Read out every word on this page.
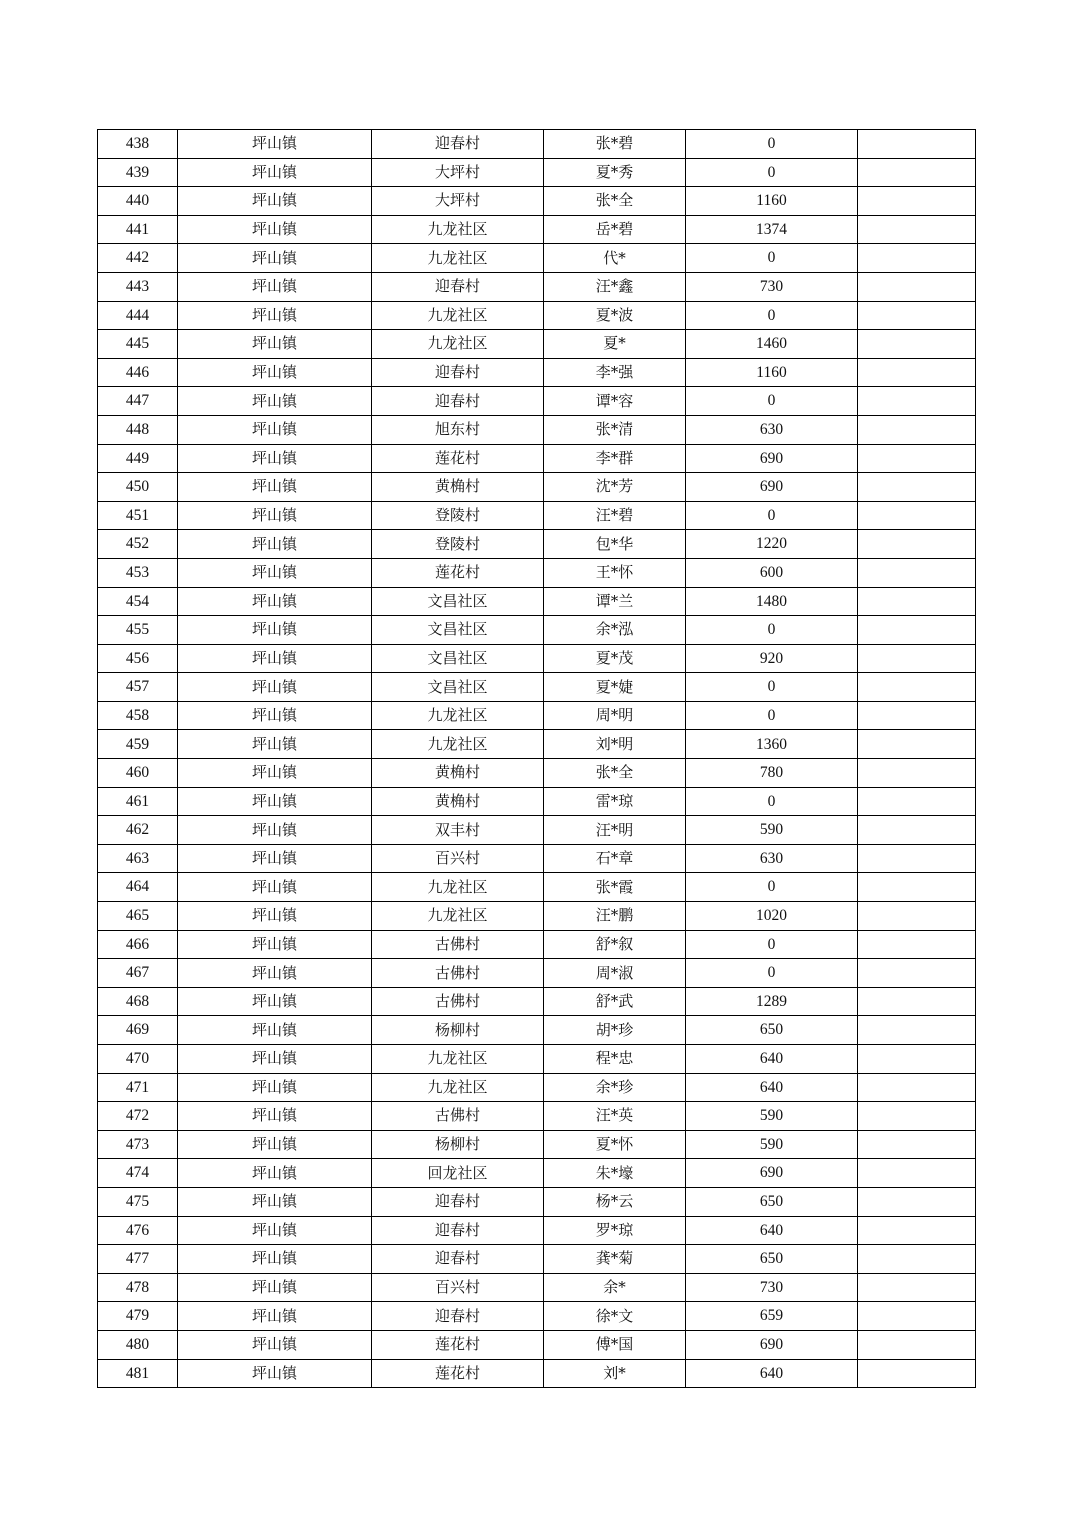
438	坪山镇	迎春村	张*碧	0	
439	坪山镇	大坪村	夏*秀	0	
440	坪山镇	大坪村	张*全	1160	
441	坪山镇	九龙社区	岳*碧	1374	
442	坪山镇	九龙社区	代*	0	
443	坪山镇	迎春村	汪*鑫	730	
444	坪山镇	九龙社区	夏*波	0	
445	坪山镇	九龙社区	夏*	1460	
446	坪山镇	迎春村	李*强	1160	
447	坪山镇	迎春村	谭*容	0	
448	坪山镇	旭东村	张*清	630	
449	坪山镇	莲花村	李*群	690	
450	坪山镇	黄桷村	沈*芳	690	
451	坪山镇	登陵村	汪*碧	0	
452	坪山镇	登陵村	包*华	1220	
453	坪山镇	莲花村	王*怀	600	
454	坪山镇	文昌社区	谭*兰	1480	
455	坪山镇	文昌社区	余*泓	0	
456	坪山镇	文昌社区	夏*茂	920	
457	坪山镇	文昌社区	夏*婕	0	
458	坪山镇	九龙社区	周*明	0	
459	坪山镇	九龙社区	刘*明	1360	
460	坪山镇	黄桷村	张*全	780	
461	坪山镇	黄桷村	雷*琼	0	
462	坪山镇	双丰村	汪*明	590	
463	坪山镇	百兴村	石*章	630	
464	坪山镇	九龙社区	张*霞	0	
465	坪山镇	九龙社区	汪*鹏	1020	
466	坪山镇	古佛村	舒*叙	0	
467	坪山镇	古佛村	周*淑	0	
468	坪山镇	古佛村	舒*武	1289	
469	坪山镇	杨柳村	胡*珍	650	
470	坪山镇	九龙社区	程*忠	640	
471	坪山镇	九龙社区	余*珍	640	
472	坪山镇	古佛村	汪*英	590	
473	坪山镇	杨柳村	夏*怀	590	
474	坪山镇	回龙社区	朱*壕	690	
475	坪山镇	迎春村	杨*云	650	
476	坪山镇	迎春村	罗*琼	640	
477	坪山镇	迎春村	龚*菊	650	
478	坪山镇	百兴村	余*	730	
479	坪山镇	迎春村	徐*文	659	
480	坪山镇	莲花村	傅*国	690	
481	坪山镇	莲花村	刘*	640	
